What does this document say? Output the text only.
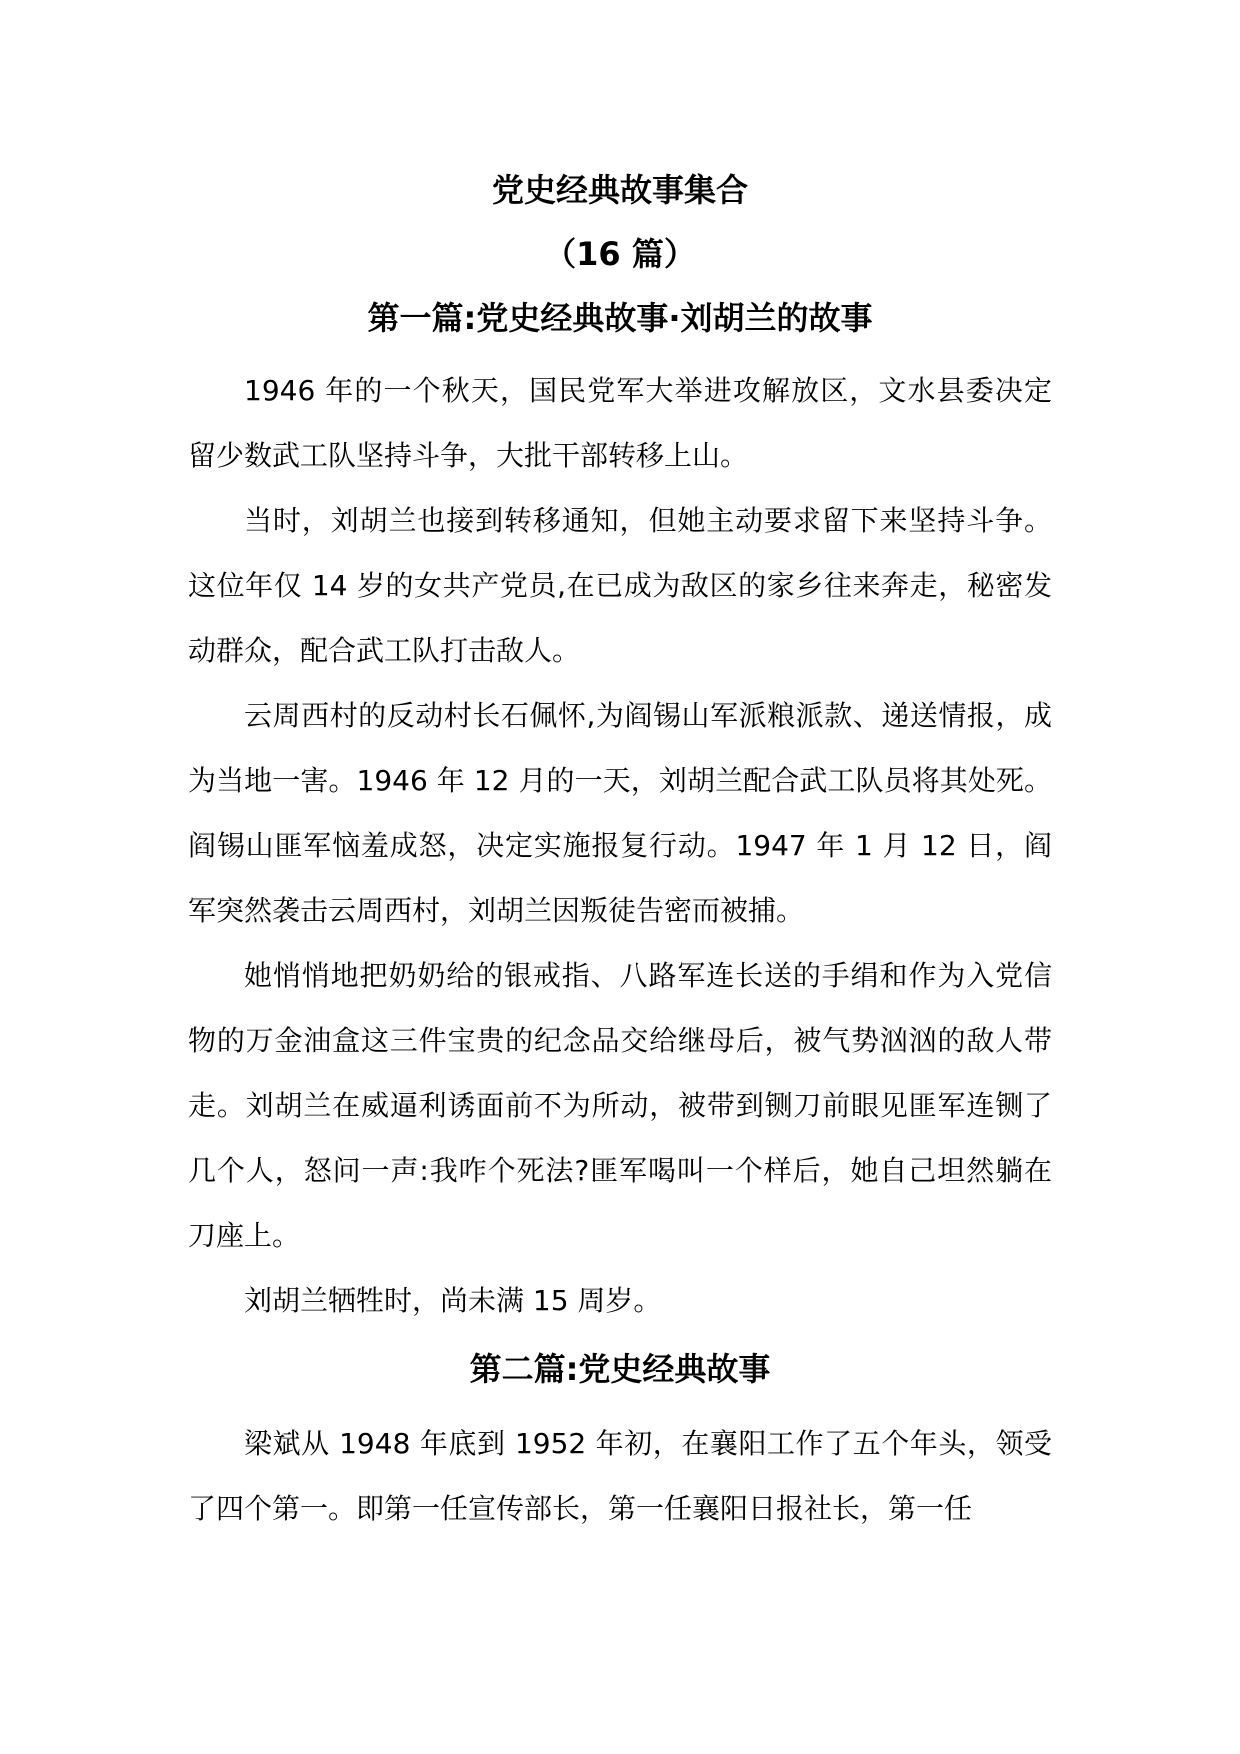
党史经典故事集合
（16 篇）
第一篇:党史经典故事·刘胡兰的故事

1946 年的一个秋天，国民党军大举进攻解放区，文水县委决定留少数武工队坚持斗争，大批干部转移上山。

当时，刘胡兰也接到转移通知，但她主动要求留下来坚持斗争。这位年仅 14 岁的女共产党员,在已成为敌区的家乡往来奔走，秘密发动群众，配合武工队打击敌人。

云周西村的反动村长石佩怀,为阎锡山军派粮派款、递送情报，成为当地一害。1946 年 12 月的一天，刘胡兰配合武工队员将其处死。阎锡山匪军恼羞成怒，决定实施报复行动。1947 年 1 月 12 日，阎军突然袭击云周西村，刘胡兰因叛徒告密而被捕。

她悄悄地把奶奶给的银戒指、八路军连长送的手绢和作为入党信物的万金油盒这三件宝贵的纪念品交给继母后，被气势汹汹的敌人带走。刘胡兰在威逼利诱面前不为所动，被带到铡刀前眼见匪军连铡了几个人，怒问一声:我咋个死法?匪军喝叫一个样后，她自己坦然躺在刀座上。

刘胡兰牺牲时，尚未满 15 周岁。

第二篇:党史经典故事

梁斌从 1948 年底到 1952 年初，在襄阳工作了五个年头，领受了四个第一。即第一任宣传部长，第一任襄阳日报社长，第一任
